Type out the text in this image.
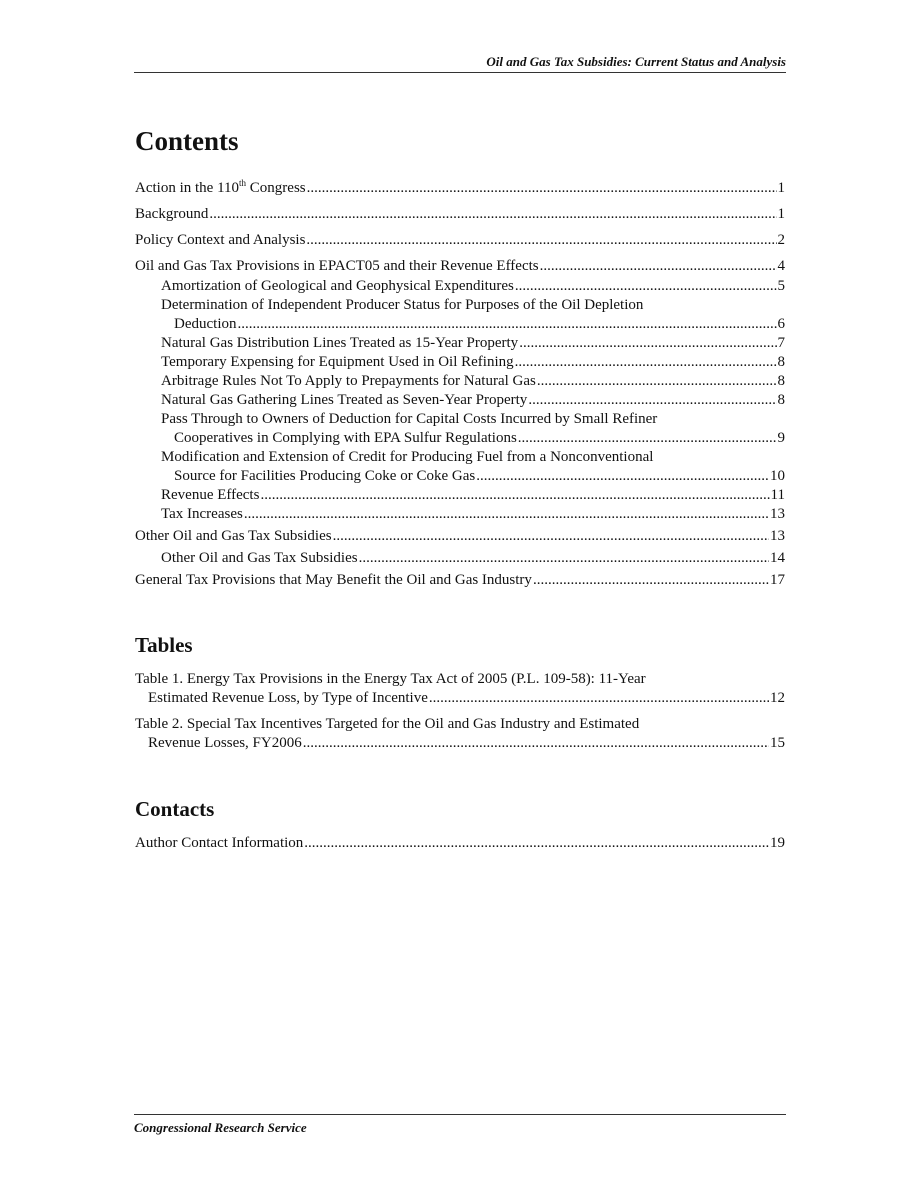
Oil and Gas Tax Subsidies: Current Status and Analysis
Contents
Action in the 110th Congress .....	1
Background .....	1
Policy Context and Analysis .....	2
Oil and Gas Tax Provisions in EPACT05 and their Revenue Effects .....	4
Amortization of Geological and Geophysical Expenditures .....	5
Determination of Independent Producer Status for Purposes of the Oil Depletion
Deduction .....	6
Natural Gas Distribution Lines Treated as 15-Year Property .....	7
Temporary Expensing for Equipment Used in Oil Refining .....	8
Arbitrage Rules Not To Apply to Prepayments for Natural Gas .....	8
Natural Gas Gathering Lines Treated as Seven-Year Property .....	8
Pass Through to Owners of Deduction for Capital Costs Incurred by Small Refiner
Cooperatives in Complying with EPA Sulfur Regulations .....	9
Modification and Extension of Credit for Producing Fuel from a Nonconventional
Source for Facilities Producing Coke or Coke Gas .....	10
Revenue Effects .....	11
Tax Increases .....	13
Other Oil and Gas Tax Subsidies .....	13
Other Oil and Gas Tax Subsidies .....	14
General Tax Provisions that May Benefit the Oil and Gas Industry .....	17
Tables
Table 1. Energy Tax Provisions in the Energy Tax Act of 2005 (P.L. 109-58): 11-Year
Estimated Revenue Loss, by Type of Incentive .....	12
Table 2. Special Tax Incentives Targeted for the Oil and Gas Industry and Estimated
Revenue Losses, FY2006 .....	15
Contacts
Author Contact Information .....	19
Congressional Research Service
